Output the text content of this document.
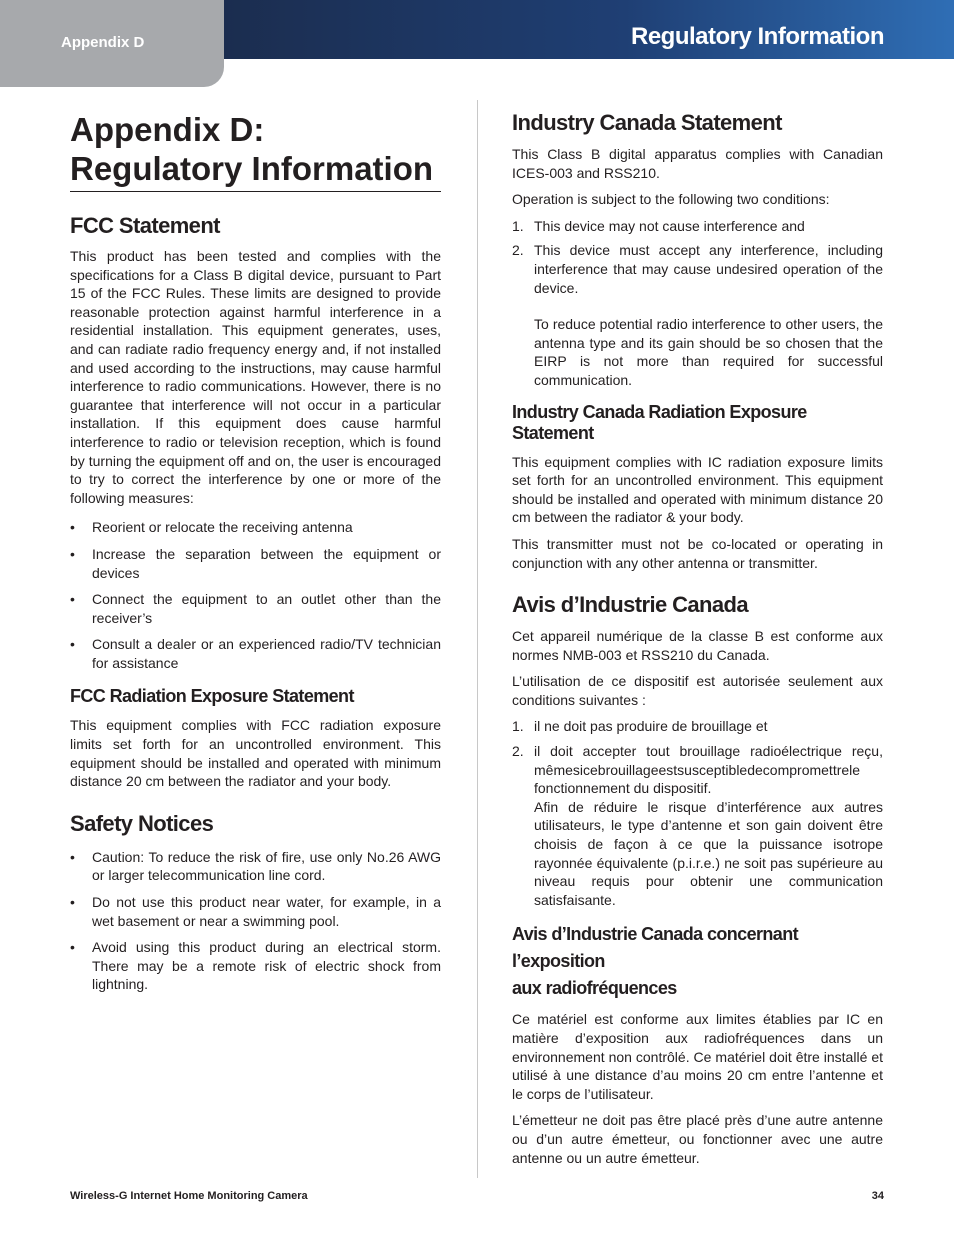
Appendix D	Regulatory Information
Appendix D:
Regulatory Information
FCC Statement

This product has been tested and complies with the specifications for a Class B digital device, pursuant to Part 15 of the FCC Rules. These limits are designed to provide reasonable protection against harmful interference in a residential installation. This equipment generates, uses, and can radiate radio frequency energy and, if not installed and used according to the instructions, may cause harmful interference to radio communications. However, there is no guarantee that interference will not occur in a particular installation. If this equipment does cause harmful interference to radio or television reception, which is found by turning the equipment off and on, the user is encouraged to try to correct the interference by one or more of the following measures:

• Reorient or relocate the receiving antenna
• Increase the separation between the equipment or devices
• Connect the equipment to an outlet other than the receiver’s
• Consult a dealer or an experienced radio/TV technician for assistance
FCC Radiation Exposure Statement

This equipment complies with FCC radiation exposure limits set forth for an uncontrolled environment. This equipment should be installed and operated with minimum distance 20 cm between the radiator and your body.

Safety Notices
• Caution: To reduce the risk of fire, use only No.26 AWG or larger telecommunication line cord.
• Do not use this product near water, for example, in a wet basement or near a swimming pool.
• Avoid using this product during an electrical storm. There may be a remote risk of electric shock from lightning.
Industry Canada Statement

This Class B digital apparatus complies with Canadian ICES-003 and RSS210.

Operation is subject to the following two conditions:

1. This device may not cause interference and
2. This device must accept any interference, including interference that may cause undesired operation of the device.
To reduce potential radio interference to other users, the antenna type and its gain should be so chosen that the EIRP is not more than required for successful communication.
Industry Canada Radiation Exposure Statement

This equipment complies with IC radiation exposure limits set forth for an uncontrolled environment. This equipment should be installed and operated with minimum distance 20 cm between the radiator & your body.

This transmitter must not be co-located or operating in conjunction with any other antenna or transmitter.

Avis d’Industrie Canada

Cet appareil numérique de la classe B est conforme aux normes NMB-003 et RSS210 du Canada.

L’utilisation de ce dispositif est autorisée seulement aux conditions suivantes :

1. il ne doit pas produire de brouillage et
2. il doit accepter tout brouillage radioélectrique reçu, mêmesicebrouillageestsusceptibledecompromettrele fonctionnement du dispositif.
Afin de réduire le risque d’interférence aux autres utilisateurs, le type d’antenne et son gain doivent être choisis de façon à ce que la puissance isotrope rayonnée équivalente (p.i.r.e.) ne soit pas supérieure au niveau requis pour obtenir une communication satisfaisante.
Avis d’Industrie Canada concernant l’exposition
aux radiofréquences

Ce matériel est conforme aux limites établies par IC en matière d’exposition aux radiofréquences dans un environnement non contrôlé. Ce matériel doit être installé et utilisé à une distance d’au moins 20 cm entre l’antenne et le corps de l’utilisateur.

L’émetteur ne doit pas être placé près d’une autre antenne ou d’un autre émetteur, ou fonctionner avec une autre antenne ou un autre émetteur.

Wireless-G Internet Home Monitoring Camera	34
